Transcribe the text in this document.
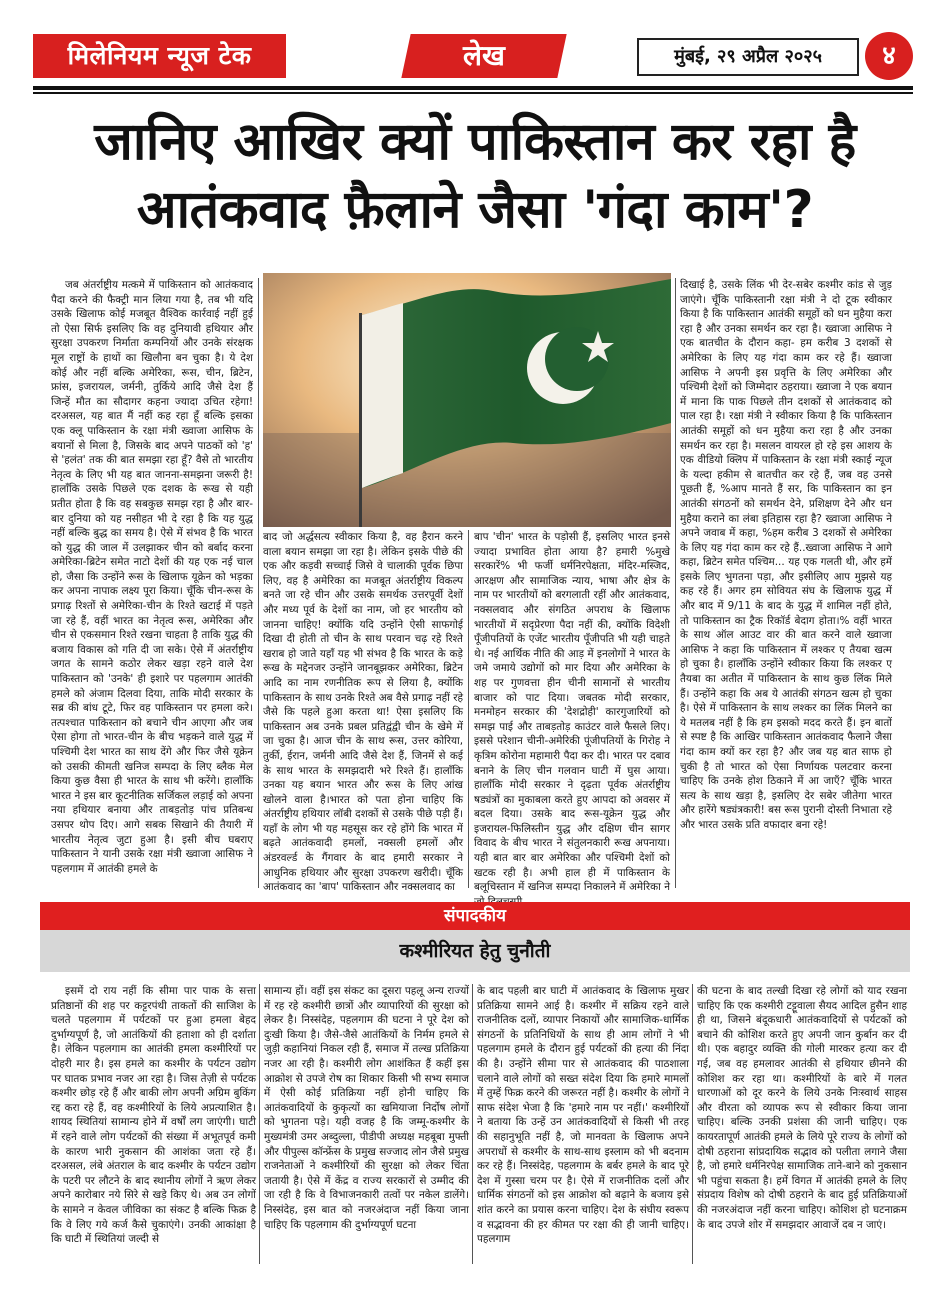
मिलेनियम न्यूज टेक	लेख	मुंबई, २९ अप्रैल २०२५	४
जानिए आखिर क्यों पाकिस्तान कर रहा है
आतंकवाद फ़ैलाने जैसा 'गंदा काम'?

जब अंतर्राष्ट्रीय मत्कमे में पाकिस्तान को आतंकवाद पैदा करने की फैक्ट्री मान लिया गया है, तब भी यदि उसके खिलाफ कोई मजबूत वैश्विक कार्रवाई नहीं हुई तो ऐसा सिर्फ इसलिए कि वह दुनियावी हथियार और सुरक्षा उपकरण निर्माता कम्पनियों और उनके संरक्षक मूल राष्ट्रों के हाथों का खिलौना बन चुका है। ये देश कोई और नहीं बल्कि अमेरिका, रूस, चीन, ब्रिटेन, फ्रांस, इजरायल, जर्मनी, तुर्किये आदि जैसे देश हैं जिन्हें मौत का सौदागर कहना ज्यादा उचित रहेगा! दरअसल, यह बात मैं नहीं कह रहा हूँ बल्कि इसका एक क्लू पाकिस्तान के रक्षा मंत्री ख्वाजा आसिफ के बयानों से मिला है, जिसके बाद अपने पाठकों को 'ह' से 'हलंत' तक की बात समझा रहा हूँ? वैसे तो भारतीय नेतृत्व के लिए भी यह बात जानना-समझना जरूरी है! हालाँकि उसके पिछले एक दशक के रूख से यही प्रतीत होता है कि वह सबकुछ समझ रहा है और बार-बार दुनिया को यह नसीहत भी दे रहा है कि यह युद्ध नहीं बल्कि बुद्ध का समय है। ऐसे में संभव है कि भारत को युद्ध की जाल में उलझाकर चीन को बर्बाद करना अमेरिका-ब्रिटेन समेत नाटो देशों की यह एक नई चाल हो, जैसा कि उन्होंने रूस के खिलाफ यूक्रेन को भड़का कर अपना नापाक लक्ष्य पूरा किया। चूँकि चीन-रूस के प्रगाढ़ रिश्तों से अमेरिका-चीन के रिश्ते खटाई में पड़ते जा रहे हैं, वहीं भारत का नेतृत्व रूस, अमेरिका और चीन से एकसमान रिश्ते रखना चाहता है ताकि युद्ध की बजाय विकास को गति दी जा सके। ऐसे में अंतर्राष्ट्रीय जगत के सामने कठोर लेकर खड़ा रहने वाले देश पाकिस्तान को 'उनके' ही इशारे पर पहलगाम आतंकी हमले को अंजाम दिलवा दिया, ताकि मोदी सरकार के सब्र की बांध टूटे, फिर वह पाकिस्तान पर हमला करे। तत्पश्चात पाकिस्तान को बचाने चीन आएगा और जब ऐसा होगा तो भारत-चीन के बीच भड़कने वाले युद्ध में पश्चिमी देश भारत का साथ देंगे और फिर जैसे यूक्रेन को उसकी कीमती खनिज सम्पदा के लिए ब्लैक मेल किया कुछ वैसा ही भारत के साथ भी करेंगे। हालाँकि भारत ने इस बार कूटनीतिक सर्जिकल लड़ाई को अपना नया हथियार बनाया और ताबड़तोड़ पांच प्रतिबन्ध उसपर थोप दिए। आगे सबक सिखाने की तैयारी में भारतीय नेतृत्व जुटा हुआ है। इसी बीच घबराए पाकिस्तान ने यानी उसके रक्षा मंत्री ख्वाजा आसिफ ने पहलगाम में आतंकी हमले के

बाद जो अर्द्धसत्य स्वीकार किया है, वह हैरान करने वाला बयान समझा जा रहा है। लेकिन इसके पीछे की एक और कड़वी सच्चाई जिसे वे चालाकी पूर्वक छिपा लिए, वह है अमेरिका का मजबूत अंतर्राष्ट्रीय विकल्प बनते जा रहे चीन और उसके समर्थक उत्तरपूर्वी देशों और मध्य पूर्व के देशों का नाम, जो हर भारतीय को जानना चाहिए! क्योंकि यदि उन्होंने ऐसी साफगोई दिखा दी होती तो चीन के साथ परवान चढ़ रहे रिश्ते खराब हो जाते यहाँ यह भी संभव है कि भारत के कड़े रूख के मद्देनजर उन्होंने जानबूझकर अमेरिका, ब्रिटेन आदि का नाम रणनीतिक रूप से लिया है, क्योंकि पाकिस्तान के साथ उनके रिश्ते अब वैसे प्रगाढ़ नहीं रहे जैसे कि पहले हुआ करता था! ऐसा इसलिए कि पाकिस्तान अब उनके प्रबल प्रतिद्वंद्वी चीन के खेमे में जा चुका है। आज चीन के साथ रूस, उत्तर कोरिया, तुर्की, ईरान, जर्मनी आदि जैसे देश हैं, जिनमें से कई के साथ भारत के समझदारी भरे रिश्ते हैं। हालाँकि उनका यह बयान भारत और रूस के लिए आंख खोलने वाला है।भारत को पता होना चाहिए कि अंतर्राष्ट्रीय हथियार लॉबी दशकों से उसके पीछे पड़ी हैं। यहाँ के लोग भी यह महसूस कर रहे होंगे कि भारत में बढ़ते आतंकवादी हमलों, नक्सली हमलों और अंडरवर्ल्ड के गैंगवार के बाद हमारी सरकार ने आधुनिक हथियार और सुरक्षा उपकरण खरीदी। चूँकि आतंकवाद का 'बाप' पाकिस्तान और नक्सलवाद का

बाप 'चीन' भारत के पड़ोसी हैं, इसलिए भारत इनसे ज्यादा प्रभावित होता आया है? हमारी %मुखे सरकारें% भी फर्जी धर्मनिरपेक्षता, मंदिर-मस्जिद, आरक्षण और सामाजिक न्याय, भाषा और क्षेत्र के नाम पर भारतीयों को बरगलाती रहीं और आतंकवाद, नक्सलवाद और संगठित अपराध के खिलाफ भारतीयों में सदृप्रेरणा पैदा नहीं की, क्योंकि विदेशी पूँजीपतियों के एजेंट भारतीय पूँजीपति भी यही चाहते थे। नई आर्थिक नीति की आड़ में इनलोगों ने भारत के जमे जमाये उद्योगों को मार दिया और अमेरिका के शह पर गुणवत्ता हीन चीनी सामानों से भारतीय बाजार को पाट दिया। जबतक मोदी सरकार, मनमोहन सरकार की 'देशद्रोही' कारगुजारियों को समझ पाई और ताबड़तोड़ काउंटर वाले फैसले लिए। इससे परेशान चीनी-अमेरिकी पूंजीपतियों के गिरोह ने कृत्रिम कोरोना महामारी पैदा कर दी। भारत पर दबाव बनाने के लिए चीन गलवान घाटी में घुस आया।हालाँकि मोदी सरकार ने दृढ़ता पूर्वक अंतर्राष्ट्रीय षड्यंत्रों का मुकाबला करते हुए आपदा को अवसर में बदल दिया। उसके बाद रूस-यूक्रेन युद्ध और इजरायल-फिलिस्तीन युद्ध और दक्षिण चीन सागर विवाद के बीच भारत ने संतुलनकारी रूख अपनाया। यही बात बार बार अमेरिका और पश्चिमी देशों को खटक रही है। अभी हाल ही में पाकिस्तान के बलूचिस्तान में खनिज सम्पदा निकालने में अमेरिका ने

दिखाई है, उसके लिंक भी देर-सबेर कश्मीर कांड से जुड़ जाएंगे। चूँकि पाकिस्तानी रक्षा मंत्री ने दो टूक स्वीकार किया है कि पाकिस्तान आतंकी समूहों को धन मुहैया करा रहा है और उनका समर्थन कर रहा है। ख्वाजा आसिफ ने एक बातचीत के दौरान कहा- हम करीब 3 दशकों से अमेरिका के लिए यह गंदा काम कर रहे हैं। ख्वाजा आसिफ ने अपनी इस प्रवृत्ति के लिए अमेरिका और पश्चिमी देशों को जिम्मेदार ठहराया। ख्वाजा ने एक बयान में माना कि पाक पिछले तीन दशकों से आतंकवाद को पाल रहा है। रक्षा मंत्री ने स्वीकार किया है कि पाकिस्तान आतंकी समूहों को धन मुहैया करा रहा है और उनका समर्थन कर रहा है। मसलन वायरल हो रहे इस आशय के एक वीडियो क्लिप में पाकिस्तान के रक्षा मंत्री स्काई न्यूज के यल्दा हकीम से बातचीत कर रहे हैं, जब वह उनसे पूछती हैं, %आप मानते हैं सर, कि पाकिस्तान का इन आतंकी संगठनों को समर्थन देने, प्रशिक्षण देने और धन मुहैया कराने का लंबा इतिहास रहा है? ख्वाजा आसिफ ने अपने जवाब में कहा, %हम करीब 3 दशकों से अमेरिका के लिए यह गंदा काम कर रहे हैं..ख्वाजा आसिफ ने आगे कहा, ब्रिटेन समेत पश्चिम... यह एक गलती थी, और हमें इसके लिए भुगतना पड़ा, और इसीलिए आप मुझसे यह कह रहे हैं। अगर हम सोवियत संघ के खिलाफ युद्ध में और बाद में 9/11 के बाद के युद्ध में शामिल नहीं होते, तो पाकिस्तान का ट्रैक रिकॉर्ड बेदाग होता।% वहीं भारत के साथ ऑल आउट वार की बात करने वाले ख्वाजा आसिफ ने कहा कि पाकिस्तान में लश्कर ए तैयबा खत्म हो चुका है। हालाँकि उन्होंने स्वीकार किया कि लश्कर ए तैयबा का अतीत में पाकिस्तान के साथ कुछ लिंक मिले हैं। उन्होंने कहा कि अब ये आतंकी संगठन खत्म हो चुका है। ऐसे में पाकिस्तान के साथ लश्कर का लिंक मिलने का ये मतलब नहीं है कि हम इसको मदद करते हैं। इन बातों से स्पष्ट है कि आखिर पाकिस्तान आतंकवाद फैलाने जैसा गंदा काम क्यों कर रहा है? और जब यह बात साफ हो चुकी है तो भारत को ऐसा निर्णायक पलटवार करना चाहिए कि उनके होश ठिकाने में आ जाएँ? चूँकि भारत सत्य के साथ खड़ा है, इसलिए देर सबेर जीतेगा भारत और हारेंगे षड्यंत्रकारी! बस रूस पुरानी दोस्ती निभाता रहे और भारत उसके प्रति वफादार बना रहे!

संपादकीय
कश्मीरियत हेतु चुनौती

इसमें दो राय नहीं कि सीमा पार पाक के सत्ता प्रतिष्ठानों की शह पर कट्टरपंथी ताकतों की साजिश के चलते पहलगाम में पर्यटकों पर हुआ हमला बेहद दुर्भाग्यपूर्ण है, जो आतंकियों की हताशा को ही दर्शाता है। लेकिन पहलगाम का आतंकी हमला कश्मीरियों पर दोहरी मार है। इस हमले का कश्मीर के पर्यटन उद्योग पर घातक प्रभाव नजर आ रहा है। जिस तेज़ी से पर्यटक कश्मीर छोड़ रहे हैं और बाकी लोग अपनी अग्रिम बुकिंग रद्द करा रहे हैं, वह कश्मीरियों के लिये अप्रत्याशित है। शायद स्थितियां सामान्य होने में वर्षों लग जाएंगी। घाटी में रहने वाले लोग पर्यटकों की संख्या में अभूतपूर्व कमी के कारण भारी नुकसान की आशंका जता रहे हैं। दरअसल, लंबे अंतराल के बाद कश्मीर के पर्यटन उद्योग के पटरी पर लौटने के बाद स्थानीय लोगों ने ऋण लेकर अपने कारोबार नये सिरे से खड़े किए थे। अब उन लोगों के सामने न केवल जीविका का संकट है बल्कि फिक्र है कि वे लिए गये कर्ज कैसे चुकाएंगे। उनकी आकांक्षा है कि घाटी में स्थितियां जल्दी से

सामान्य हों। वहीं इस संकट का दूसरा पहलू अन्य राज्यों में रह रहे कश्मीरी छात्रों और व्यापारियों की सुरक्षा को लेकर है। निस्संदेह, पहलगाम की घटना ने पूरे देश को दुःखी किया है। जैसे-जैसे आतंकियों के निर्मम हमले से जुड़ी कहानियां निकल रही हैं, समाज में तल्ख प्रतिक्रिया नजर आ रही है। कश्मीरी लोग आशंकित हैं कहीं इस आक्रोश से उपजे रोष का शिकार किसी भी सभ्य समाज में ऐसी कोई प्रतिक्रिया नहीं होनी चाहिए कि आतंकवादियों के कुकृत्यों का खमियाजा निर्दोष लोगों को भुगतना पड़े। यही वजह है कि जम्मू-कश्मीर के मुख्यमंत्री उमर अब्दुल्ला, पीडीपी अध्यक्ष महबूबा मुफ्ती और पीपुल्स कॉन्फ्रेंस के प्रमुख सज्जाद लोन जैसे प्रमुख राजनेताओं ने कश्मीरियों की सुरक्षा को लेकर चिंता जतायी है। ऐसे में केंद्र व राज्य सरकारों से उम्मीद की जा रही है कि वे विभाजनकारी तत्वों पर नकेल डालेंगे।निस्संदेह, इस बात को नजरअंदाज नहीं किया जाना चाहिए कि पहलगाम की दुर्भाग्यपूर्ण घटना

के बाद पहली बार घाटी में आतंकवाद के खिलाफ मुखर प्रतिक्रिया सामने आई है। कश्मीर में सक्रिय रहने वाले राजनीतिक दलों, व्यापार निकायों और सामाजिक-धार्मिक संगठनों के प्रतिनिधियों के साथ ही आम लोगों ने भी पहलगाम हमले के दौरान हुई पर्यटकों की हत्या की निंदा की है। उन्होंने सीमा पार से आतंकवाद की पाठशाला चलाने वाले लोगों को सख्त संदेश दिया कि हमारे मामलों में तुम्हें फिक्र करने की जरूरत नहीं है। कश्मीर के लोगों ने साफ संदेश भेजा है कि 'हमारे नाम पर नहीं।' कश्मीरियों ने बताया कि उन्हें उन आतंकवादियों से किसी भी तरह की सहानुभूति नहीं है, जो मानवता के खिलाफ अपने अपराधों से कश्मीर के साथ-साथ इस्लाम को भी बदनाम कर रहे हैं। निस्संदेह, पहलगाम के बर्बर हमले के बाद पूरे देश में गुस्सा चरम पर है। ऐसे में राजनीतिक दलों और धार्मिक संगठनों को इस आक्रोश को बढ़ाने के बजाय इसे शांत करने का प्रयास करना चाहिए। देश के संघीय स्वरूप व सद्भावना की हर कीमत पर रक्षा की ही जानी चाहिए। पहलगाम

की घटना के बाद तल्खी दिखा रहे लोगों को याद रखना चाहिए कि एक कश्मीरी टट्टूवाला सैयद आदिल हुसैन शाह ही था, जिसने बंदूकधारी आतंकवादियों से पर्यटकों को बचाने की कोशिश करते हुए अपनी जान कुर्बान कर दी थी। एक बहादुर व्यक्ति की गोली मारकर हत्या कर दी गई, जब वह हमलावर आतंकी से हथियार छीनने की कोशिश कर रहा था। कश्मीरियों के बारे में गलत धारणाओं को दूर करने के लिये उनके निःस्वार्थ साहस और वीरता को व्यापक रूप से स्वीकार किया जाना चाहिए। बल्कि उनकी प्रशंसा की जानी चाहिए। एक कायरतापूर्ण आतंकी हमले के लिये पूरे राज्य के लोगों को दोषी ठहराना सांप्रदायिक सद्भाव को पलीता लगाने जैसा है, जो हमारे धर्मनिरपेक्ष सामाजिक ताने-बाने को नुकसान भी पहुंचा सकता है। हमें विगत में आतंकी हमले के लिए संप्रदाय विशेष को दोषी ठहराने के बाद हुई प्रतिक्रियाओं की नजरअंदाज नहीं करना चाहिए। कोशिश हो घटनाक्रम के बाद उपजे शोर में समझदार आवाजें दब न जाएं।
